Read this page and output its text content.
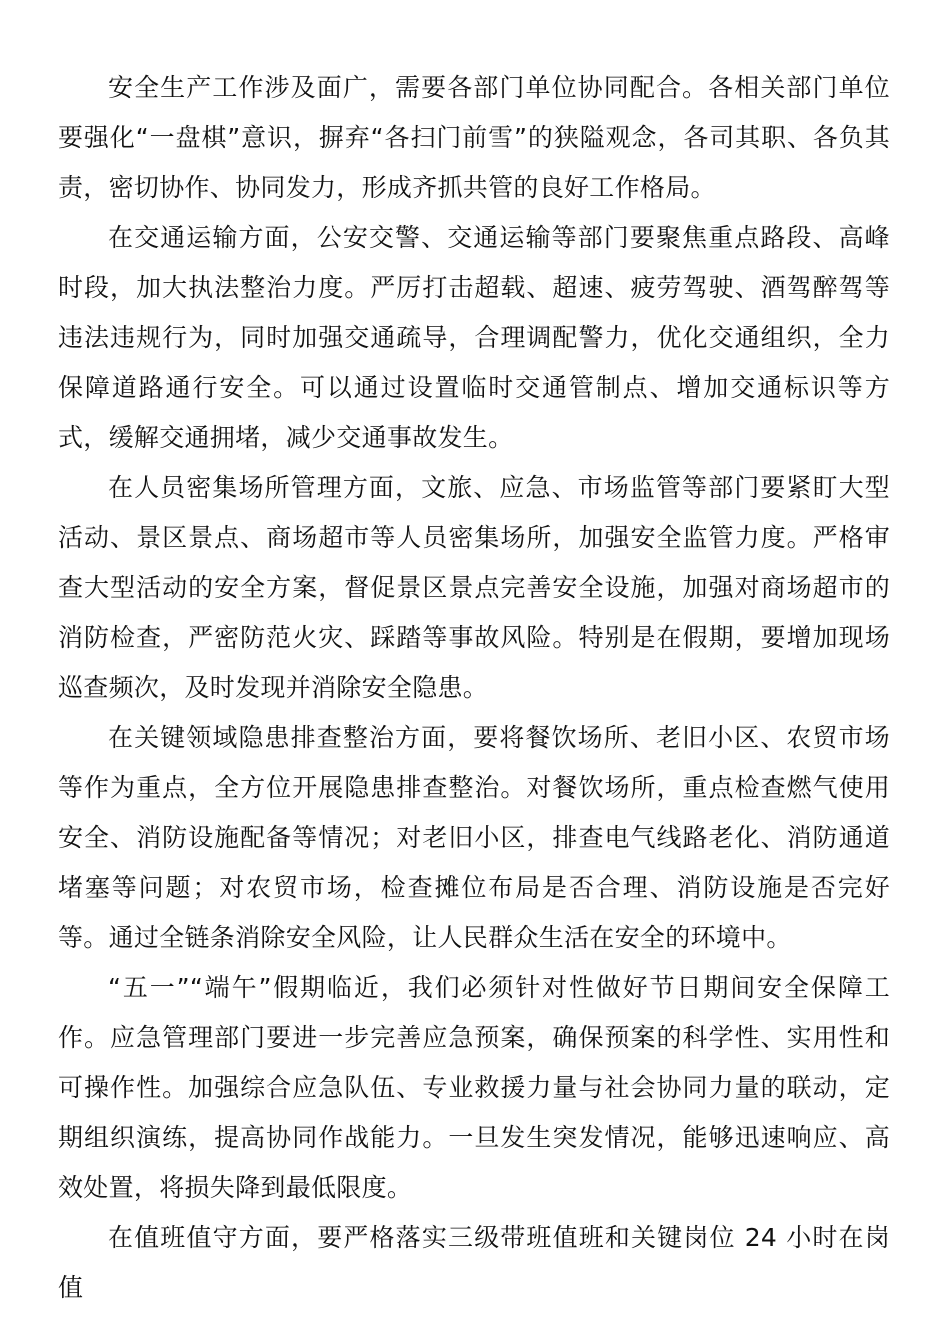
安全生产工作涉及面广，需要各部门单位协同配合。各相关部门单位要强化“一盘棋”意识，摒弃“各扫门前雪”的狭隘观念，各司其职、各负其责，密切协作、协同发力，形成齐抓共管的良好工作格局。

在交通运输方面，公安交警、交通运输等部门要聚焦重点路段、高峰时段，加大执法整治力度。严厉打击超载、超速、疲劳驾驶、酒驾醉驾等违法违规行为，同时加强交通疏导，合理调配警力，优化交通组织，全力保障道路通行安全。可以通过设置临时交通管制点、增加交通标识等方式，缓解交通拥堵，减少交通事故发生。

在人员密集场所管理方面，文旅、应急、市场监管等部门要紧盯大型活动、景区景点、商场超市等人员密集场所，加强安全监管力度。严格审查大型活动的安全方案，督促景区景点完善安全设施，加强对商场超市的消防检查，严密防范火灾、踩踏等事故风险。特别是在假期，要增加现场巡查频次，及时发现并消除安全隐患。

在关键领域隐患排查整治方面，要将餐饮场所、老旧小区、农贸市场等作为重点，全方位开展隐患排查整治。对餐饮场所，重点检查燃气使用安全、消防设施配备等情况；对老旧小区，排查电气线路老化、消防通道堵塞等问题；对农贸市场，检查摊位布局是否合理、消防设施是否完好等。通过全链条消除安全风险，让人民群众生活在安全的环境中。

“五一”“端午”假期临近，我们必须针对性做好节日期间安全保障工作。应急管理部门要进一步完善应急预案，确保预案的科学性、实用性和可操作性。加强综合应急队伍、专业救援力量与社会协同力量的联动，定期组织演练，提高协同作战能力。一旦发生突发情况，能够迅速响应、高效处置，将损失降到最低限度。

在值班值守方面，要严格落实三级带班值班和关键岗位 24 小时在岗值
